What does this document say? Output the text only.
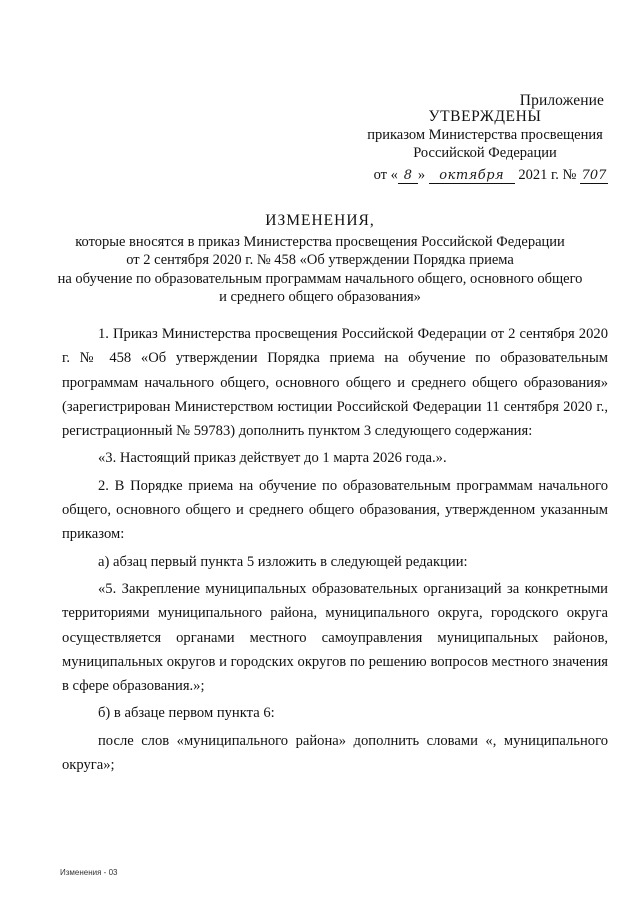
Приложение
УТВЕРЖДЕНЫ
приказом Министерства просвещения
Российской Федерации
от « 8 » октября 2021 г. № 707
ИЗМЕНЕНИЯ,
которые вносятся в приказ Министерства просвещения Российской Федерации
от 2 сентября 2020 г. № 458 «Об утверждении Порядка приема
на обучение по образовательным программам начального общего, основного общего
и среднего общего образования»

1. Приказ Министерства просвещения Российской Федерации от 2 сентября 2020 г. № 458 «Об утверждении Порядка приема на обучение по образовательным программам начального общего, основного общего и среднего общего образования» (зарегистрирован Министерством юстиции Российской Федерации 11 сентября 2020 г., регистрационный № 59783) дополнить пунктом 3 следующего содержания:

«3. Настоящий приказ действует до 1 марта 2026 года.».

2. В Порядке приема на обучение по образовательным программам начального общего, основного общего и среднего общего образования, утвержденном указанным приказом:

а) абзац первый пункта 5 изложить в следующей редакции:

«5. Закрепление муниципальных образовательных организаций за конкретными территориями муниципального района, муниципального округа, городского округа осуществляется органами местного самоуправления муниципальных районов, муниципальных округов и городских округов по решению вопросов местного значения в сфере образования.»;

б) в абзаце первом пункта 6:

после слов «муниципального района» дополнить словами «, муниципального округа»;

Изменения - 03
